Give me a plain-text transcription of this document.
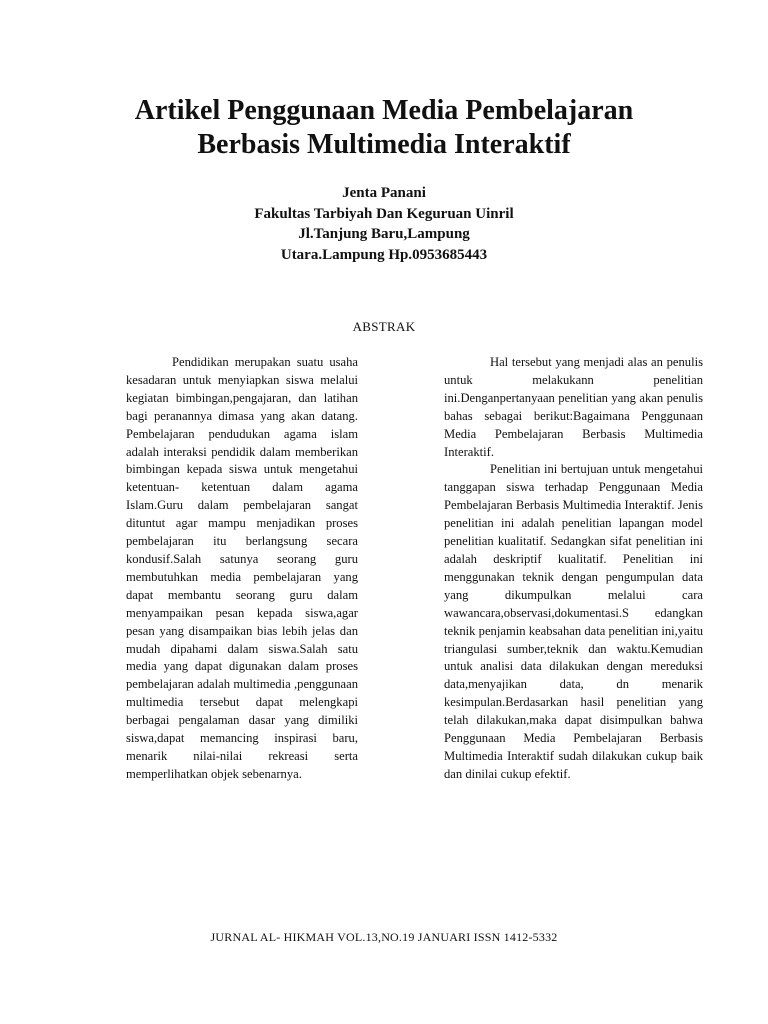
Artikel Penggunaan Media Pembelajaran
Berbasis Multimedia Interaktif
Jenta Panani
Fakultas Tarbiyah Dan Keguruan Uinril
Jl.Tanjung Baru,Lampung
Utara.Lampung Hp.0953685443
ABSTRAK

Pendidikan merupakan suatu usaha kesadaran untuk menyiapkan siswa melalui kegiatan bimbingan,pengajaran, dan latihan bagi peranannya dimasa yang akan datang. Pembelajaran pendudukan agama islam adalah interaksi pendidik dalam memberikan bimbingan kepada siswa untuk mengetahui ketentuan- ketentuan dalam agama Islam.Guru dalam pembelajaran sangat dituntut agar mampu menjadikan proses pembelajaran itu berlangsung secara kondusif.Salah satunya seorang guru membutuhkan media pembelajaran yang dapat membantu seorang guru dalam menyampaikan pesan kepada siswa,agar pesan yang disampaikan bias lebih jelas dan mudah dipahami dalam siswa.Salah satu media yang dapat digunakan dalam proses pembelajaran adalah multimedia ,penggunaan multimedia tersebut dapat melengkapi berbagai pengalaman dasar yang dimiliki siswa,dapat memancing inspirasi baru, menarik nilai-nilai rekreasi serta memperlihatkan objek sebenarnya.

Hal tersebut yang menjadi alas an penulis untuk melakukann penelitian ini.Denganpertanyaan penelitian yang akan penulis bahas sebagai berikut:Bagaimana Penggunaan Media Pembelajaran Berbasis Multimedia Interaktif.

Penelitian ini bertujuan untuk mengetahui tanggapan siswa terhadap Penggunaan Media Pembelajaran Berbasis Multimedia Interaktif. Jenis penelitian ini adalah penelitian lapangan model penelitian kualitatif. Sedangkan sifat penelitian ini adalah deskriptif kualitatif. Penelitian ini menggunakan teknik dengan pengumpulan data yang dikumpulkan melalui cara wawancara,observasi,dokumentasi.S edangkan teknik penjamin keabsahan data penelitian ini,yaitu triangulasi sumber,teknik dan waktu.Kemudian untuk analisi data dilakukan dengan mereduksi data,menyajikan data, dn menarik kesimpulan.Berdasarkan hasil penelitian yang telah dilakukan,maka dapat disimpulkan bahwa Penggunaan Media Pembelajaran Berbasis Multimedia Interaktif sudah dilakukan cukup baik dan dinilai cukup efektif.

JURNAL AL- HIKMAH VOL.13,NO.19 JANUARI ISSN 1412-5332
